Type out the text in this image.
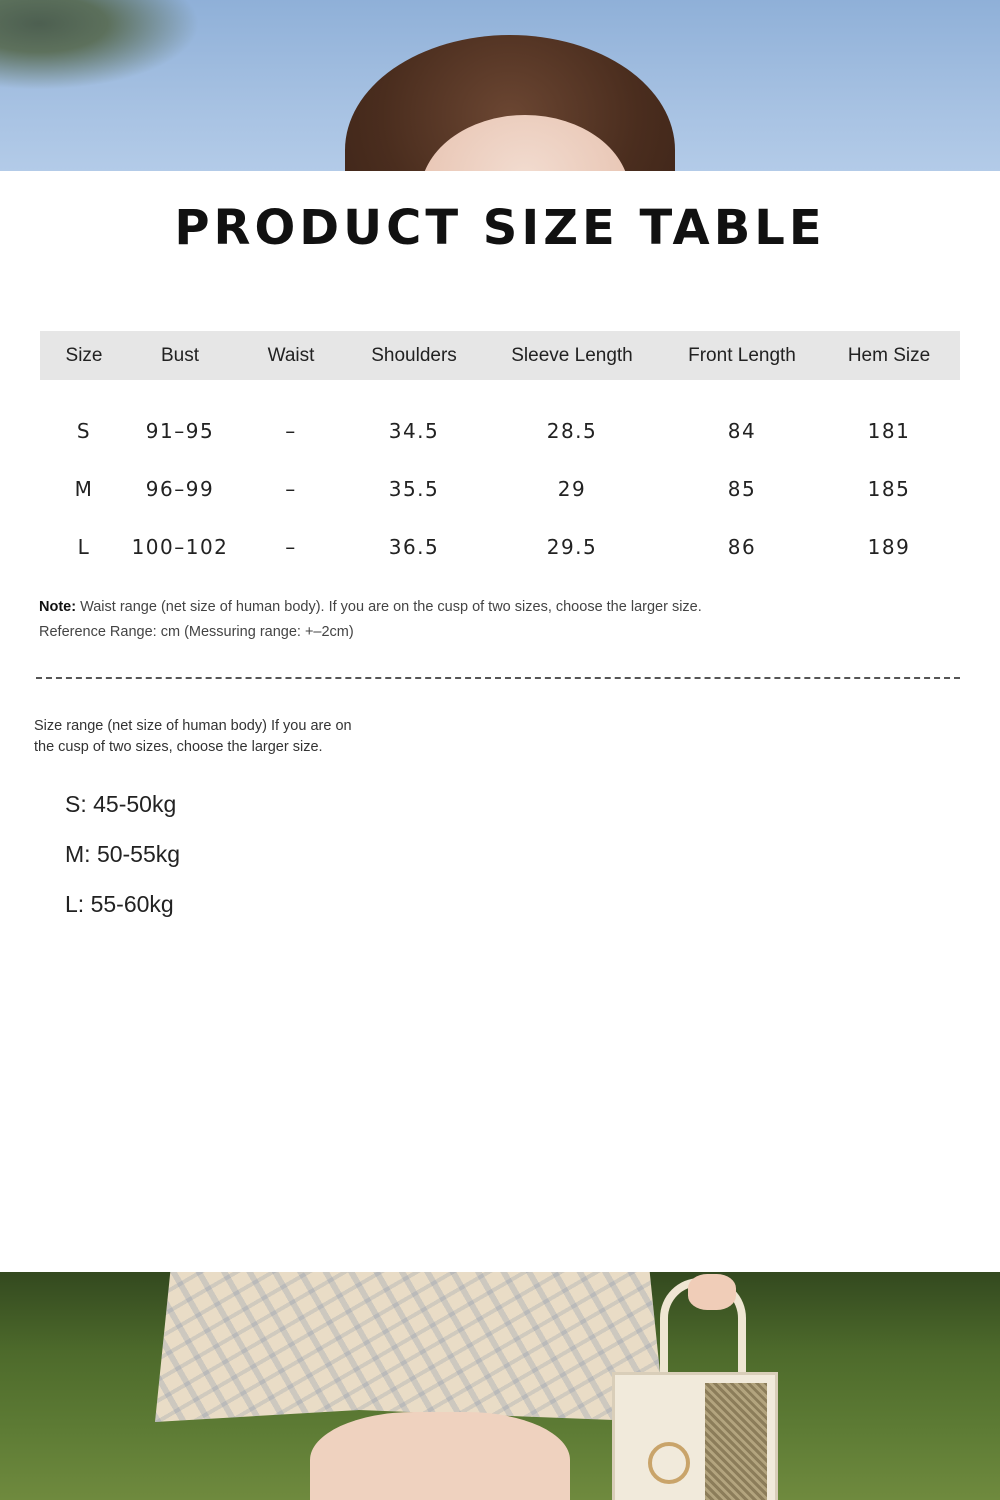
PRODUCT SIZE TABLE
Size	Bust	Waist	Shoulders	Sleeve Length	Front Length	Hem Size

S	91–95	–	34.5	28.5	84	181
M	96–99	–	35.5	29	85	185
L	100–102	–	36.5	29.5	86	189
Note: Waist range (net size of human body). If you are on the cusp of two sizes, choose the larger size.
Reference Range: cm (Messuring range: +–2cm)
Size range (net size of human body) If you are on the cusp of two sizes, choose the larger size.
S: 45-50kg
M: 50-55kg
L: 55-60kg
